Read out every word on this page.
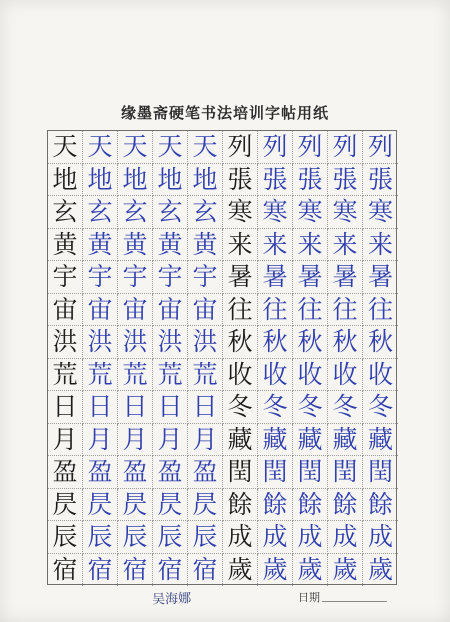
缘墨斋硬笔书法培训字帖用纸
天
地
玄
黄
宇
宙
洪
荒
日
月
盈
昃
辰
宿
天
地
玄
黄
宇
宙
洪
荒
日
月
盈
昃
辰
宿
天
地
玄
黄
宇
宙
洪
荒
日
月
盈
昃
辰
宿
天
地
玄
黄
宇
宙
洪
荒
日
月
盈
昃
辰
宿
天
地
玄
黄
宇
宙
洪
荒
日
月
盈
昃
辰
宿
列
張
寒
来
暑
往
秋
收
冬
藏
閏
餘
成
歲
列
張
寒
来
暑
往
秋
收
冬
藏
閏
餘
成
歲
列
張
寒
来
暑
往
秋
收
冬
藏
閏
餘
成
歲
列
張
寒
来
暑
往
秋
收
冬
藏
閏
餘
成
歲
列
張
寒
来
暑
往
秋
收
冬
藏
閏
餘
成
歲
吴海娜	日期
